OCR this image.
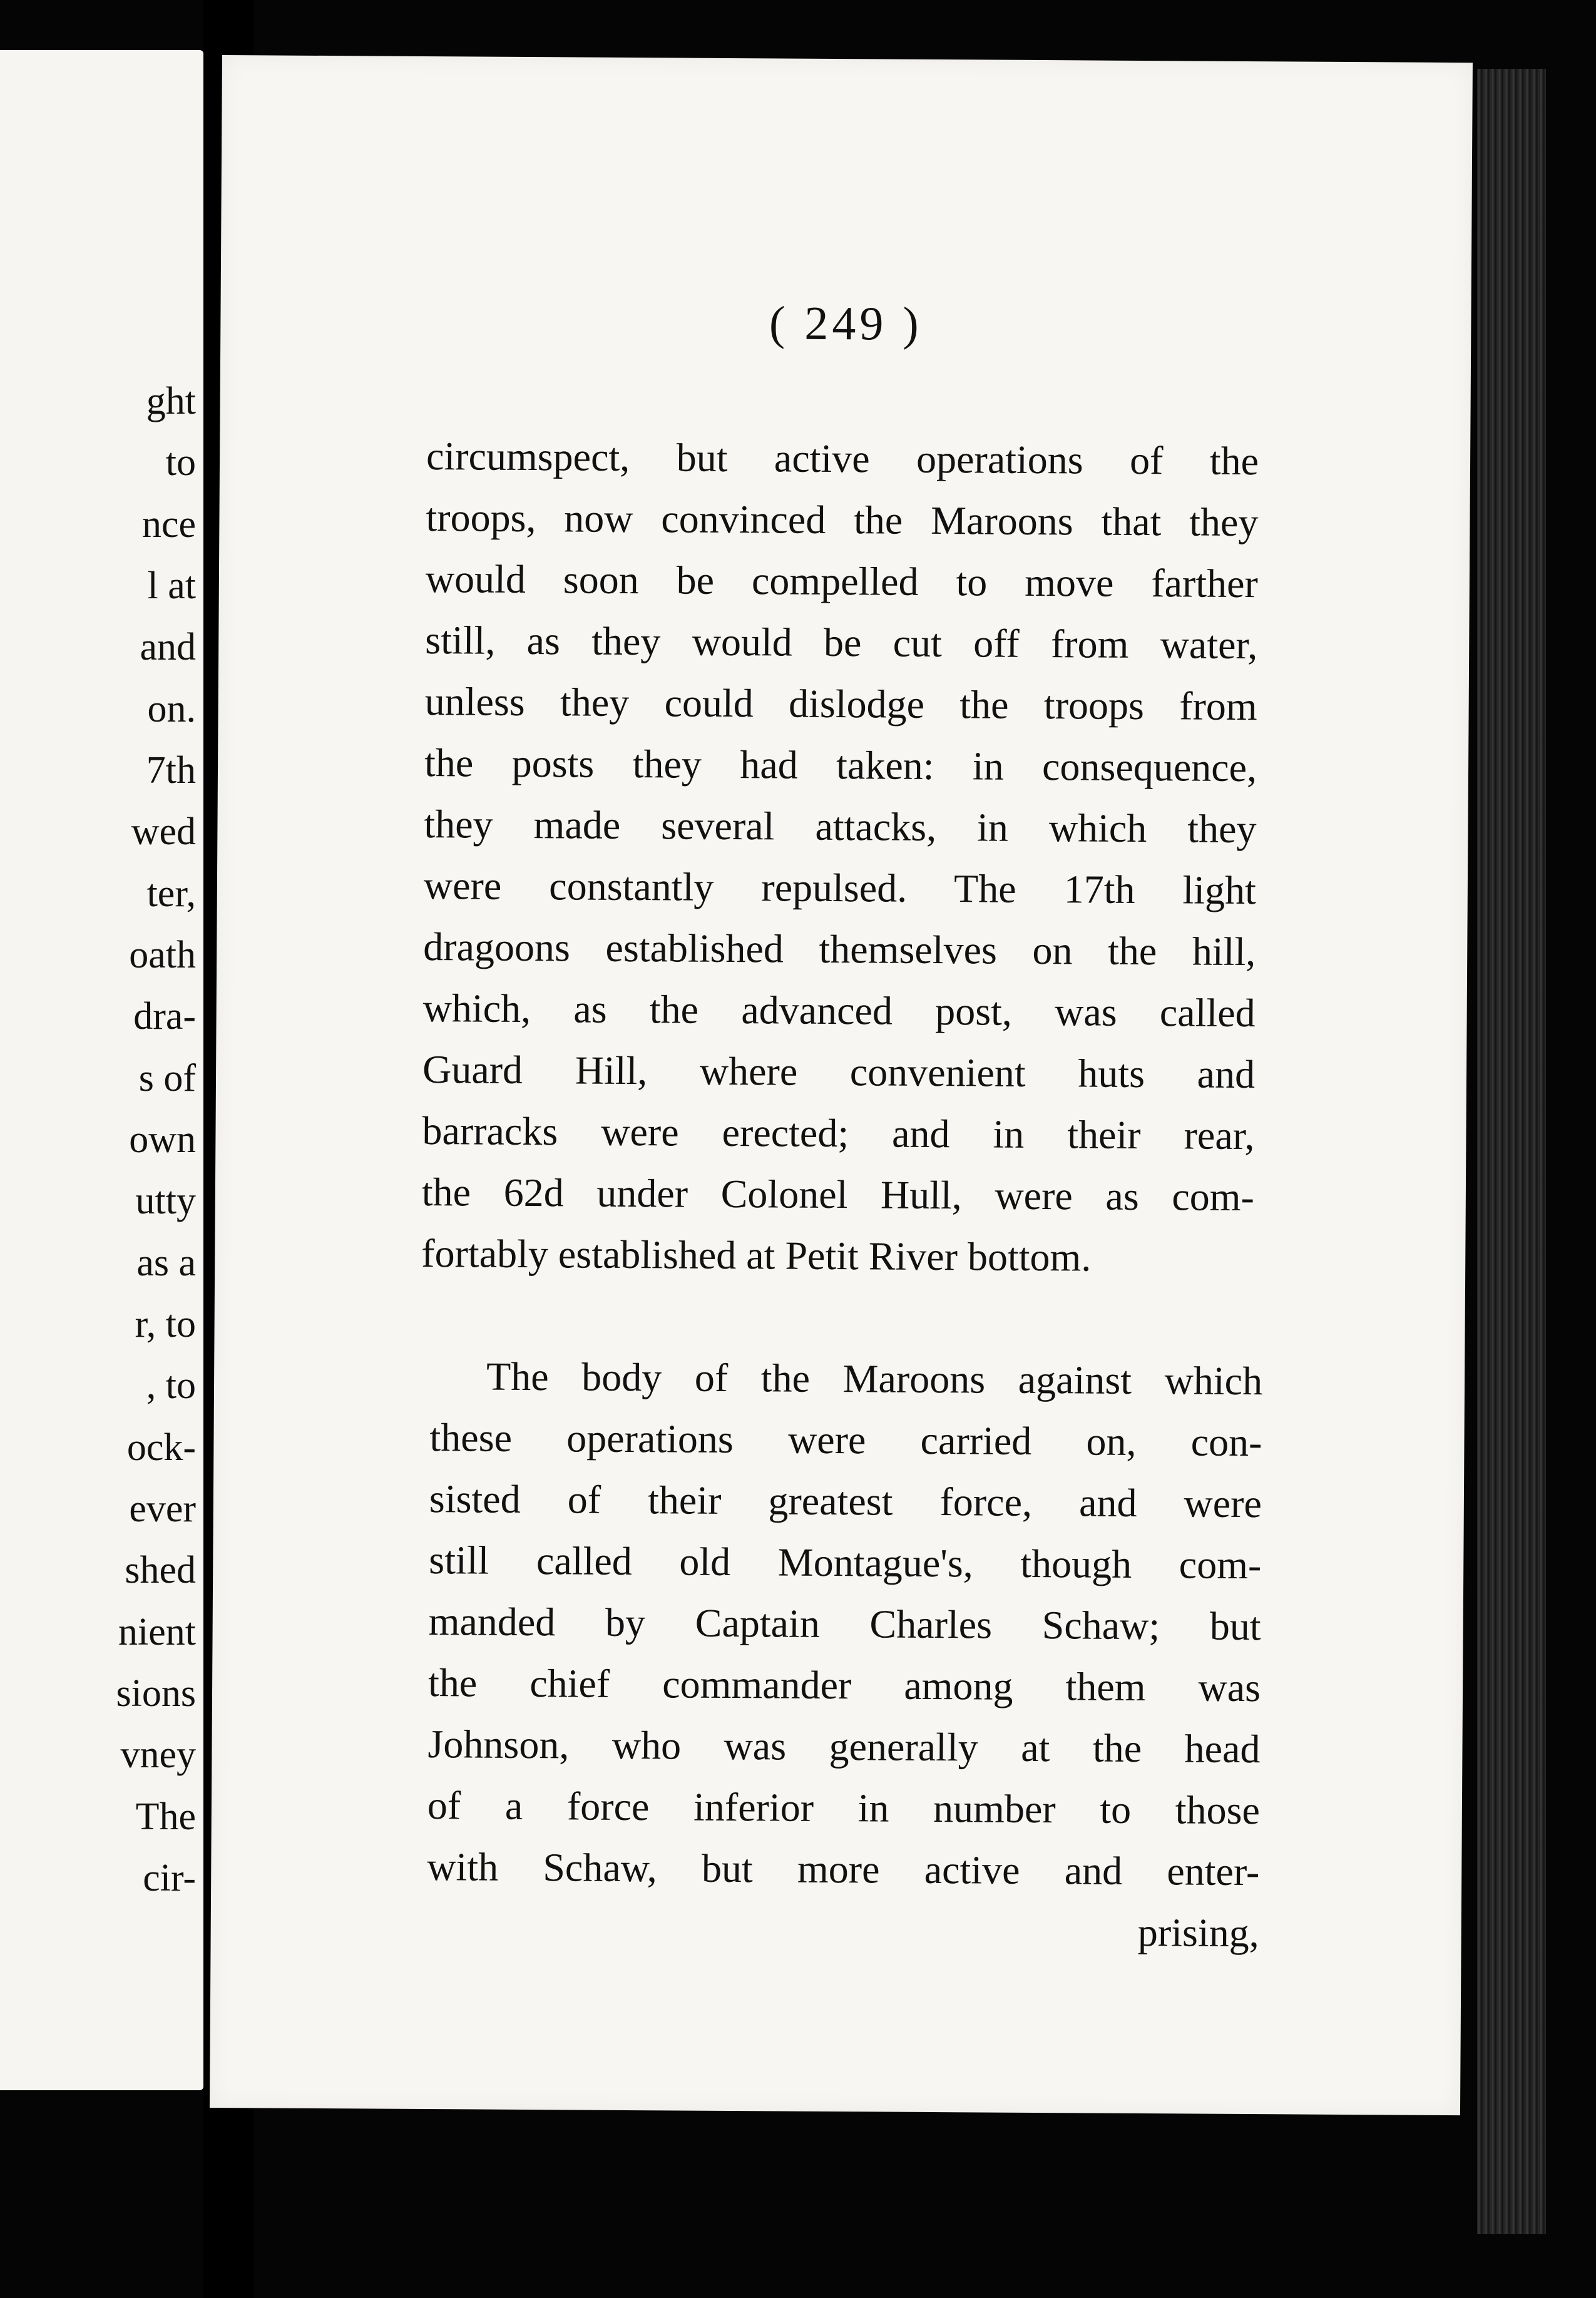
ght
to
nce
l at
and
on.
7th
wed
ter,
oath
dra-
s of
own
utty
as a
r, to
, to
ock-
ever
shed
nient
sions
vney
The
cir-
( 249 )
circumspect, but active operations of the
troops, now convinced the Maroons that they
would soon be compelled to move farther
still, as they would be cut off from water,
unless they could dislodge the troops from
the posts they had taken: in consequence,
they made several attacks, in which they
were constantly repulsed. The 17th light
dragoons established themselves on the hill,
which, as the advanced post, was called
Guard Hill, where convenient huts and
barracks were erected; and in their rear,
the 62d under Colonel Hull, were as com-
fortably established at Petit River bottom.
The body of the Maroons against which
these operations were carried on, con-
sisted of their greatest force, and were
still called old Montague's, though com-
manded by Captain Charles Schaw; but
the chief commander among them was
Johnson, who was generally at the head
of a force inferior in number to those
with Schaw, but more active and enter-
prising,
